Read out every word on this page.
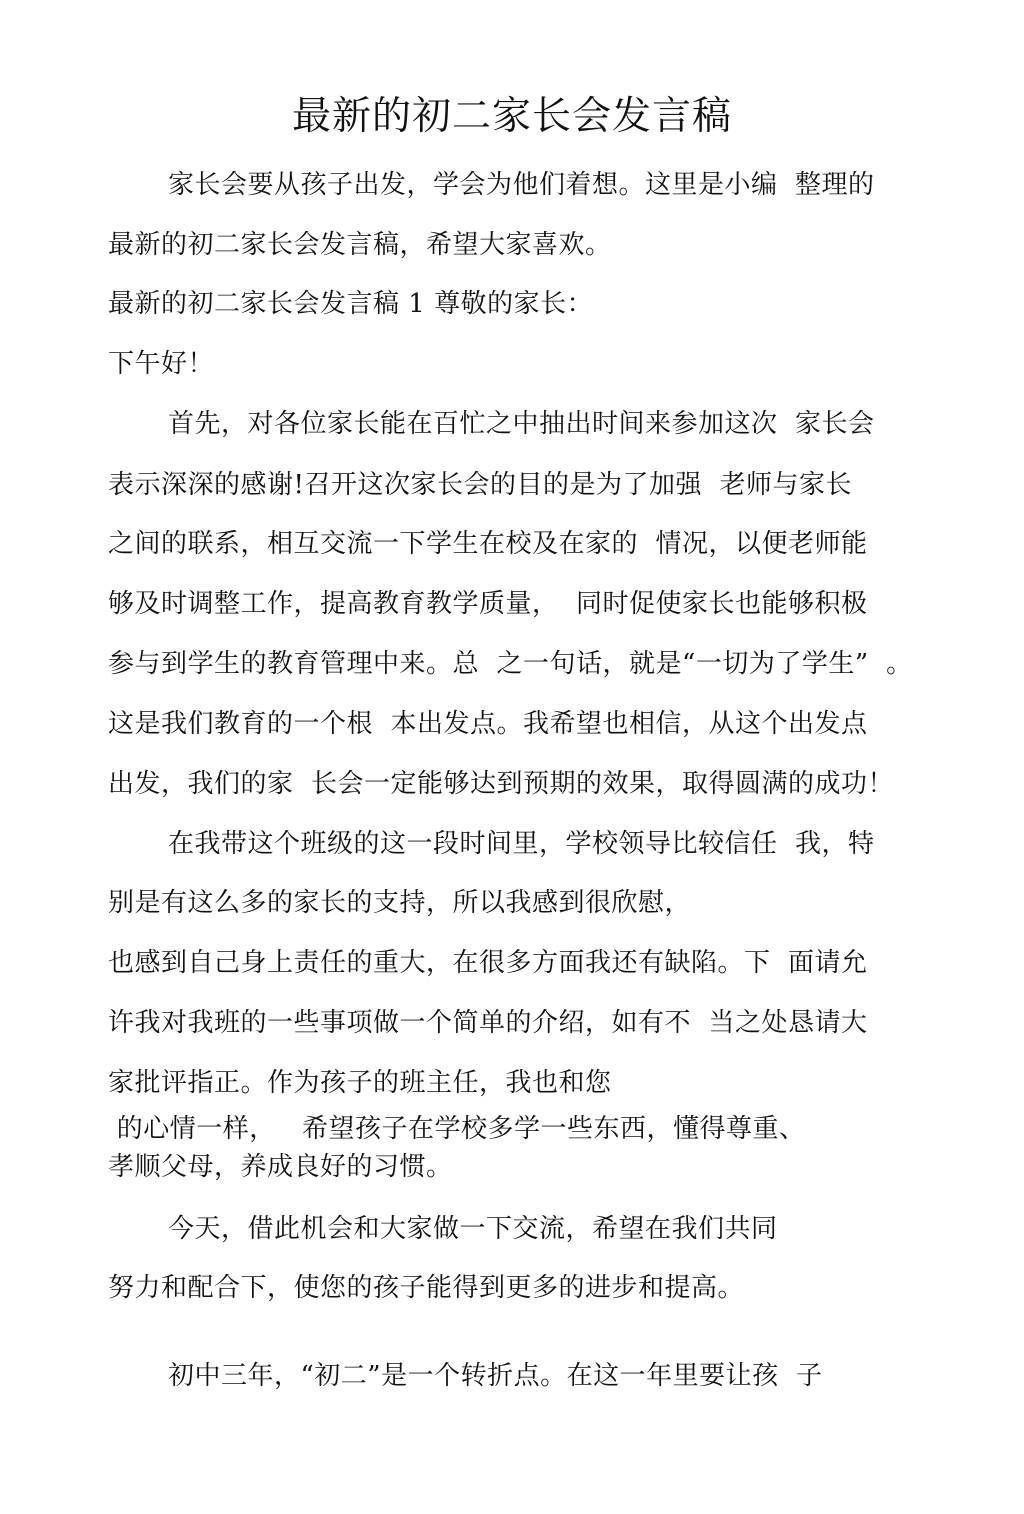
最新的初二家长会发言稿
家长会要从孩子出发，学会为他们着想。这里是小编  整理的
最新的初二家长会发言稿，希望大家喜欢。
最新的初二家长会发言稿 1 尊敬的家长：
下午好！
首先，对各位家长能在百忙之中抽出时间来参加这次  家长会
表示深深的感谢!召开这次家长会的目的是为了加强  老师与家长
之间的联系，相互交流一下学生在校及在家的  情况，以便老师能
够及时调整工作，提高教育教学质量，  同时促使家长也能够积极
参与到学生的教育管理中来。总  之一句话，就是“一切为了学生”  。
这是我们教育的一个根  本出发点。我希望也相信，从这个出发点
出发，我们的家  长会一定能够达到预期的效果，取得圆满的成功！
在我带这个班级的这一段时间里，学校领导比较信任  我，特
别是有这么多的家长的支持，所以我感到很欣慰，
也感到自己身上责任的重大，在很多方面我还有缺陷。下  面请允
许我对我班的一些事项做一个简单的介绍，如有不  当之处恳请大
家批评指正。作为孩子的班主任，我也和您
的心情一样，   希望孩子在学校多学一些东西，懂得尊重、
孝顺父母，养成良好的习惯。
今天，借此机会和大家做一下交流，希望在我们共同
努力和配合下，使您的孩子能得到更多的进步和提高。
初中三年，“初二”是一个转折点。在这一年里要让孩  子
